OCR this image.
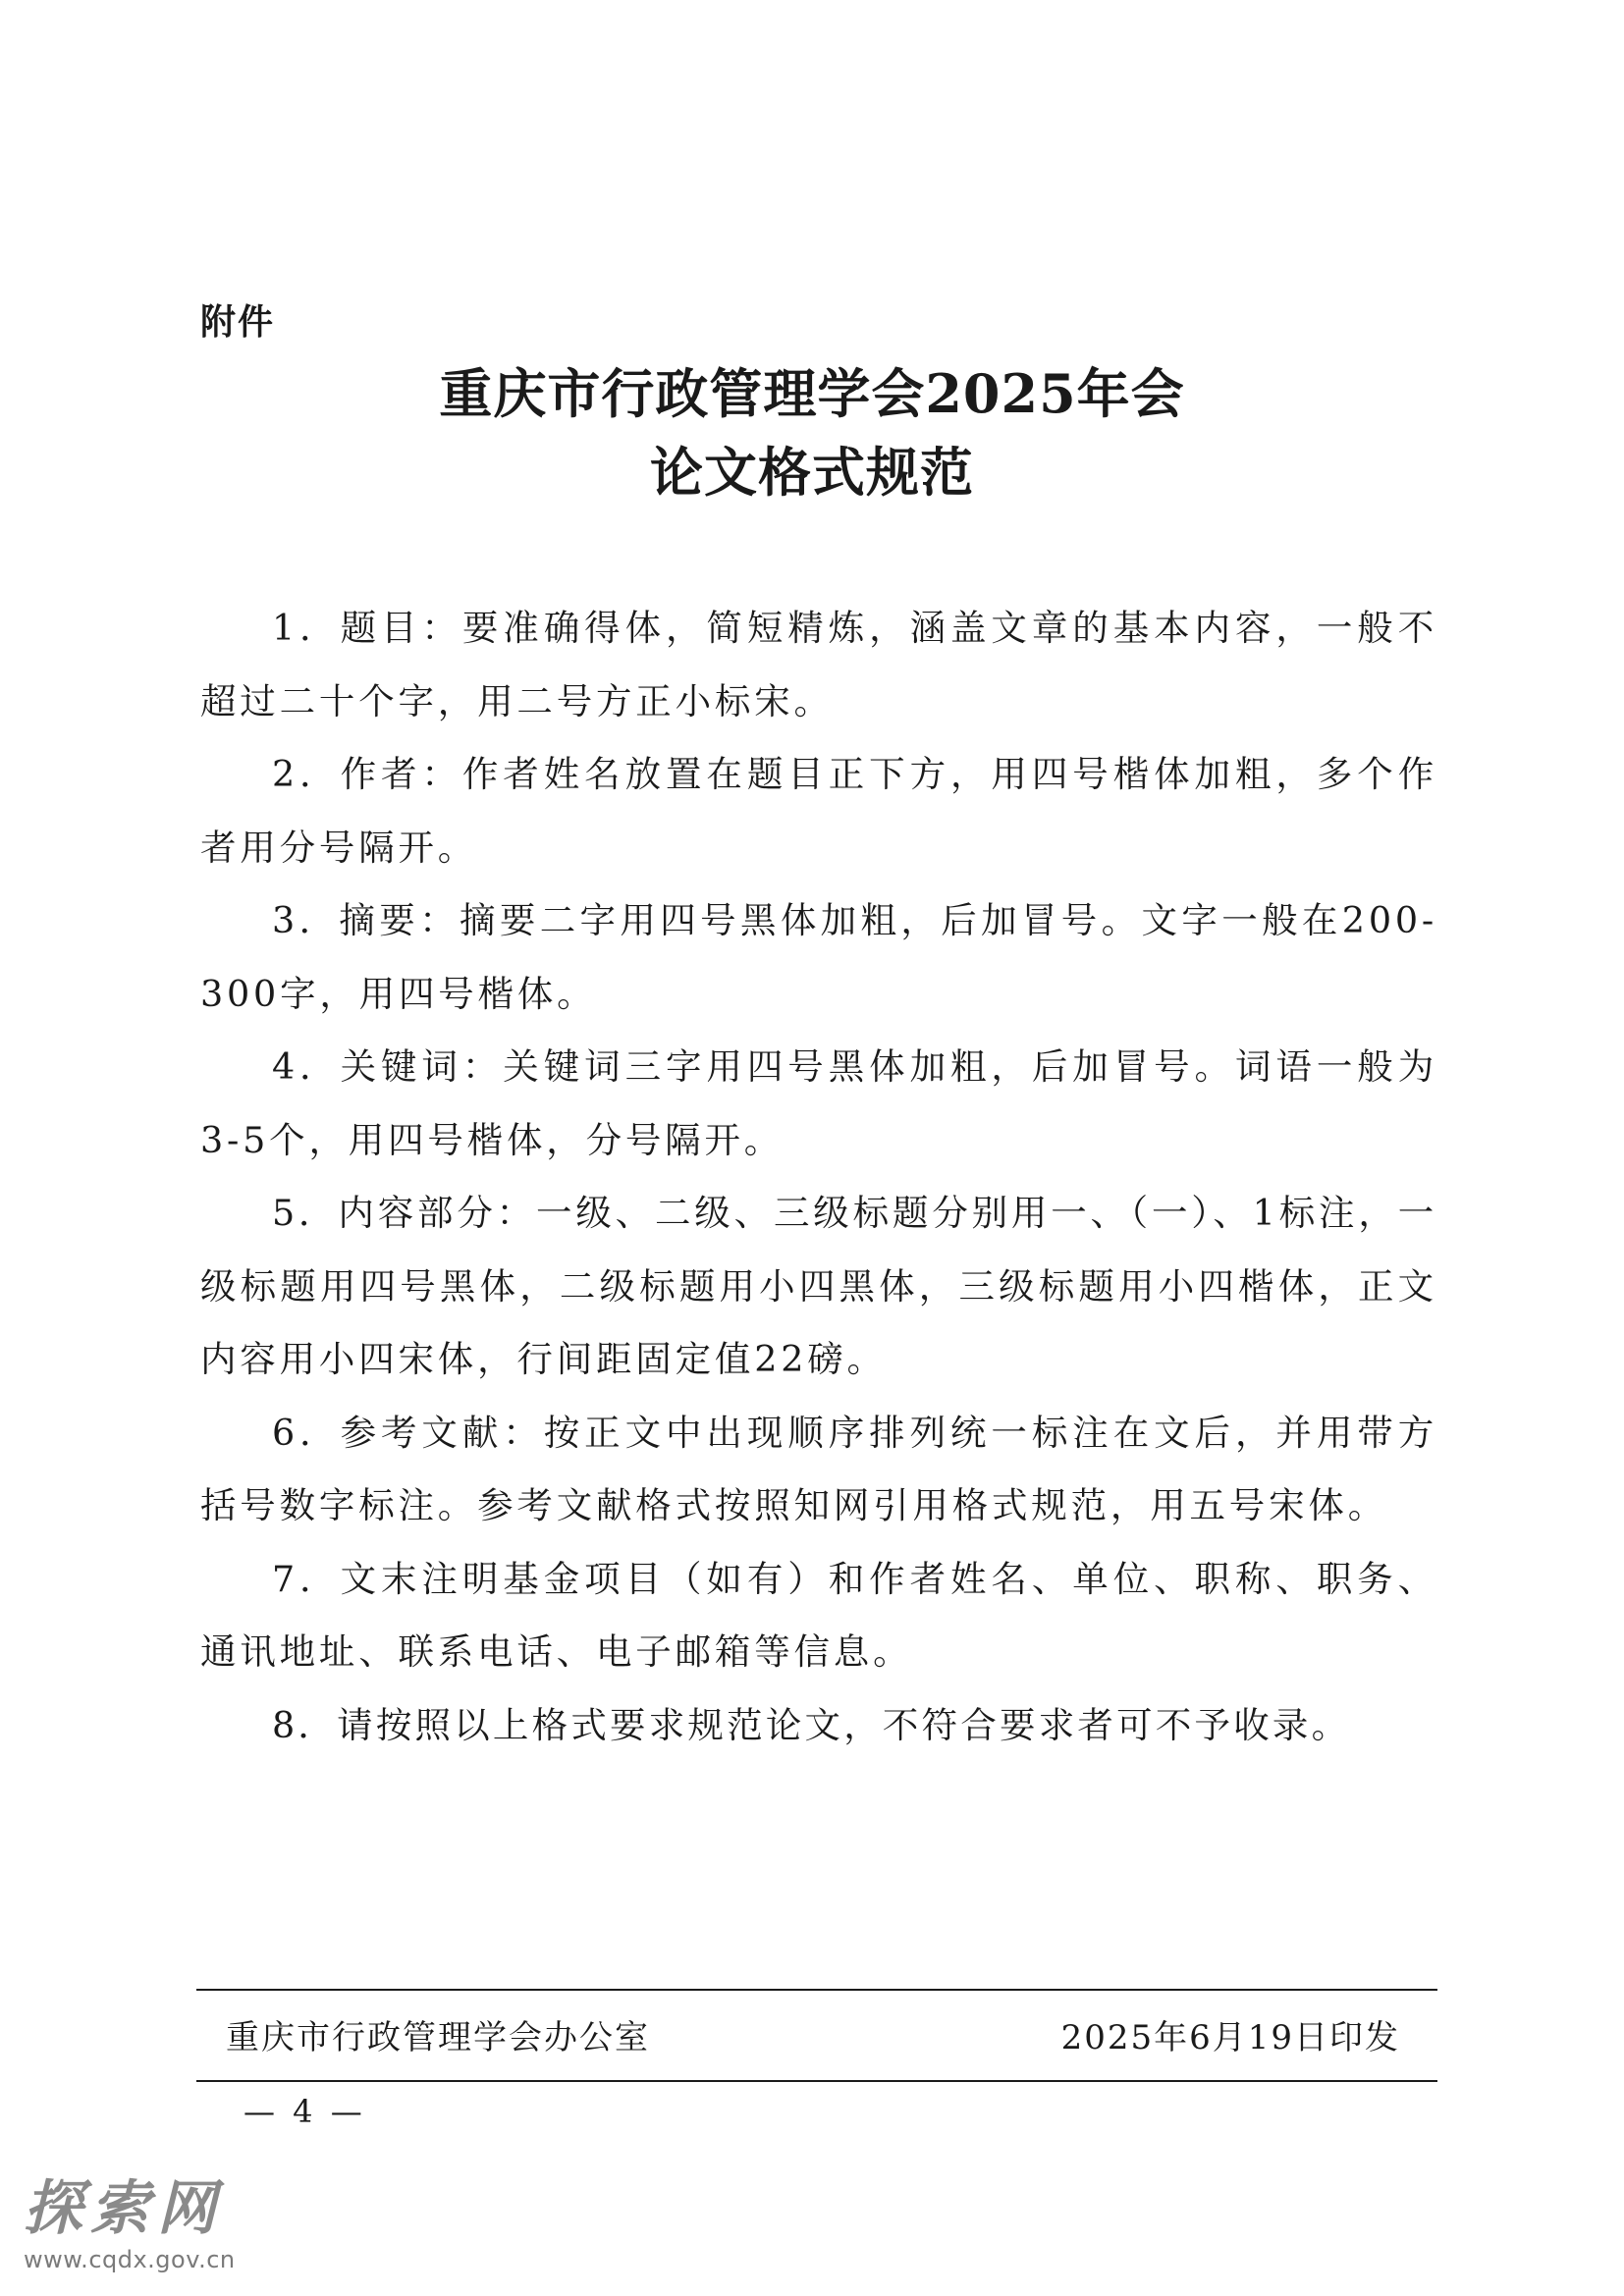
附件
重庆市行政管理学会2025年会
论文格式规范

1．题目：要准确得体，简短精炼，涵盖文章的基本内容，一般不超过二十个字，用二号方正小标宋。

2．作者：作者姓名放置在题目正下方，用四号楷体加粗，多个作者用分号隔开。

3．摘要：摘要二字用四号黑体加粗，后加冒号。文字一般在200-300字，用四号楷体。

4．关键词：关键词三字用四号黑体加粗，后加冒号。词语一般为3-5个，用四号楷体，分号隔开。

5．内容部分：一级、二级、三级标题分别用一、（一）、1标注，一级标题用四号黑体，二级标题用小四黑体，三级标题用小四楷体，正文内容用小四宋体，行间距固定值22磅。

6．参考文献：按正文中出现顺序排列统一标注在文后，并用带方括号数字标注。参考文献格式按照知网引用格式规范，用五号宋体。

7．文末注明基金项目（如有）和作者姓名、单位、职称、职务、通讯地址、联系电话、电子邮箱等信息。

8．请按照以上格式要求规范论文，不符合要求者可不予收录。

重庆市行政管理学会办公室	2025年6月19日印发
— 4 —
探索网
www.cqdx.gov.cn
